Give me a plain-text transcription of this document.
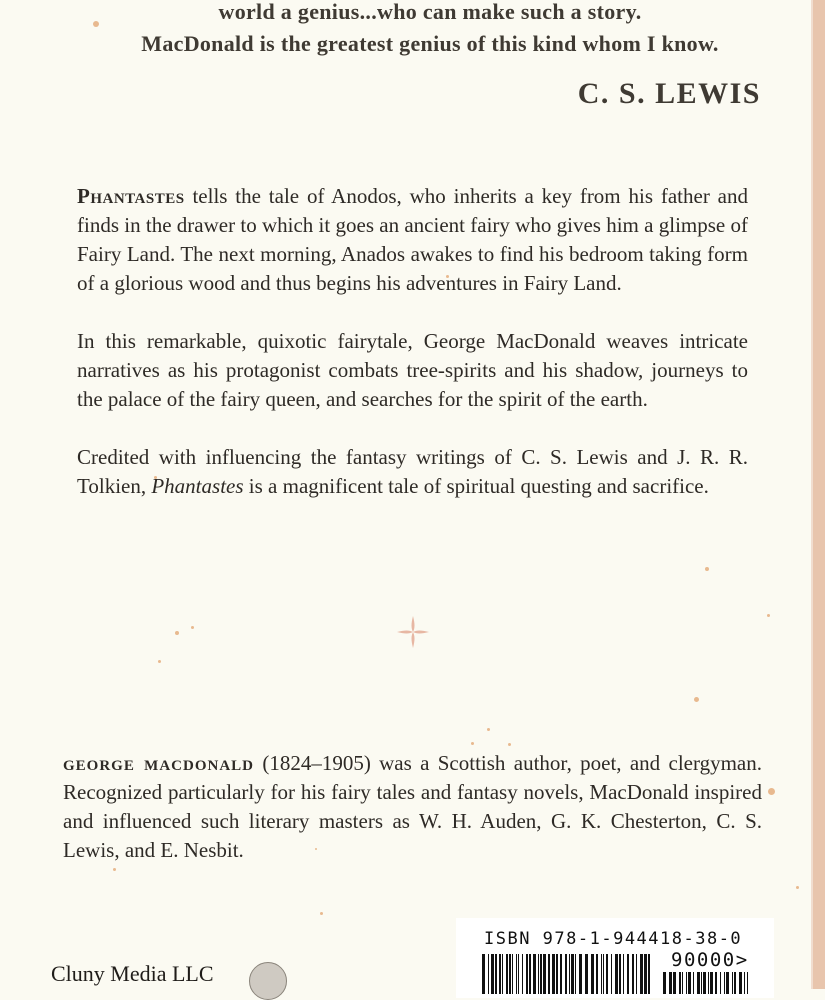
world a genius...who can make such a story.
MacDonald is the greatest genius of this kind whom I know.
C. S. LEWIS

Phantastes tells the tale of Anodos, who inherits a key from his father and finds in the drawer to which it goes an ancient fairy who gives him a glimpse of Fairy Land. The next morning, Anados awakes to find his bedroom taking form of a glorious wood and thus begins his adventures in Fairy Land.

In this remarkable, quixotic fairytale, George MacDonald weaves intricate narratives as his protagonist combats tree-spirits and his shadow, journeys to the palace of the fairy queen, and searches for the spirit of the earth.

Credited with influencing the fantasy writings of C. S. Lewis and J. R. R. Tolkien, Phantastes is a magnificent tale of spiritual questing and sacrifice.

george macdonald (1824–1905) was a Scottish author, poet, and clergyman. Recognized particularly for his fairy tales and fantasy novels, MacDonald inspired and influenced such literary masters as W. H. Auden, G. K. Chesterton, C. S. Lewis, and E. Nesbit.
Cluny Media LLC
ISBN 978-1-944418-38-0
90000>
